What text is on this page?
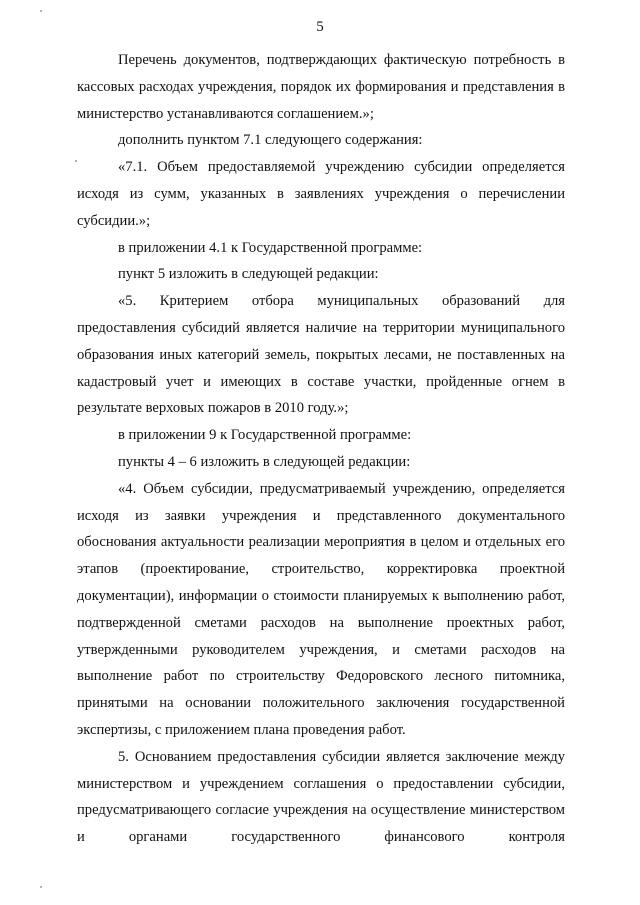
5

Перечень документов, подтверждающих фактическую потребность в кассовых расходах учреждения, порядок их формирования и представления в министерство устанавливаются соглашением.»;

дополнить пунктом 7.1 следующего содержания:

«7.1. Объем предоставляемой учреждению субсидии определяется исходя из сумм, указанных в заявлениях учреждения о перечислении субсидии.»;

в приложении 4.1 к Государственной программе:

пункт 5 изложить в следующей редакции:

«5. Критерием отбора муниципальных образований для предоставления субсидий является наличие на территории муниципального образования иных категорий земель, покрытых лесами, не поставленных на кадастровый учет и имеющих в составе участки, пройденные огнем в результате верховых пожаров в 2010 году.»;

в приложении 9 к Государственной программе:

пункты 4 – 6 изложить в следующей редакции:

«4. Объем субсидии, предусматриваемый учреждению, определяется исходя из заявки учреждения и представленного документального обоснования актуальности реализации мероприятия в целом и отдельных его этапов (проектирование, строительство, корректировка проектной документации), информации о стоимости планируемых к выполнению работ, подтвержденной сметами расходов на выполнение проектных работ, утвержденными руководителем учреждения, и сметами расходов на выполнение работ по строительству Федоровского лесного питомника, принятыми на основании положительного заключения государственной экспертизы, с приложением плана проведения работ.

5. Основанием предоставления субсидии является заключение между министерством и учреждением соглашения о предоставлении субсидии, предусматривающего согласие учреждения на осуществление министерством и органами государственного финансового контроля
